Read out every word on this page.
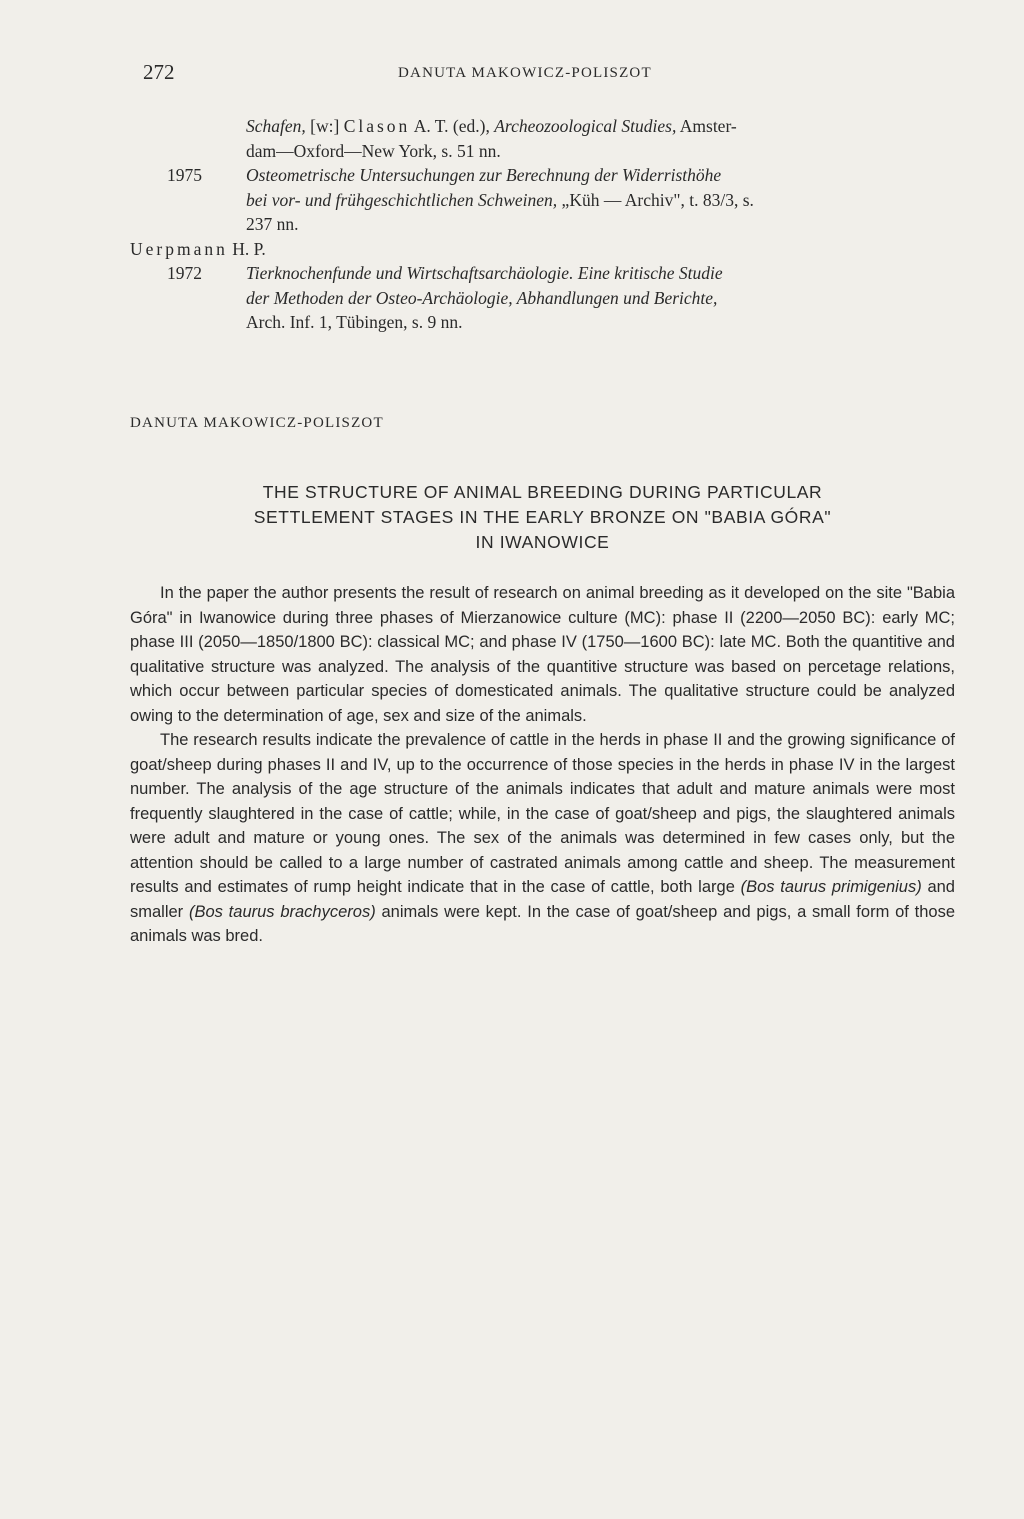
272	DANUTA MAKOWICZ-POLISZOT
Schafen, [w:] Clason A. T. (ed.), Archeozoological Studies, Amster-
dam—Oxford—New York, s. 51 nn.
1975	Osteometrische Untersuchungen zur Berechnung der Widerristhöhe
bei vor- und frühgeschichtlichen Schweinen, „Küh — Archiv", t. 83/3, s.
237 nn.
Uerpmann H. P.
1972	Tierknochenfunde und Wirtschaftsarchäologie. Eine kritische Studie
der Methoden der Osteo-Archäologie, Abhandlungen und Berichte,
Arch. Inf. 1, Tübingen, s. 9 nn.
DANUTA MAKOWICZ-POLISZOT
THE STRUCTURE OF ANIMAL BREEDING DURING PARTICULAR
SETTLEMENT STAGES IN THE EARLY BRONZE ON "BABIA GÓRA"
IN IWANOWICE

In the paper the author presents the result of research on animal breeding as it developed on the site "Babia Góra" in Iwanowice during three phases of Mierzanowice culture (MC): phase II (2200—2050 BC): early MC; phase III (2050—1850/1800 BC): classical MC; and phase IV (1750—1600 BC): late MC. Both the quantitive and qualitative structure was analyzed. The analysis of the quantitive structure was based on percetage relations, which occur between particular species of domesticated animals. The qualitative structure could be analyzed owing to the determination of age, sex and size of the animals.

The research results indicate the prevalence of cattle in the herds in phase II and the growing significance of goat/sheep during phases II and IV, up to the occurrence of those species in the herds in phase IV in the largest number. The analysis of the age structure of the animals indicates that adult and mature animals were most frequently slaughtered in the case of cattle; while, in the case of goat/sheep and pigs, the slaughtered animals were adult and mature or young ones. The sex of the animals was determined in few cases only, but the attention should be called to a large number of castrated animals among cattle and sheep. The measurement results and estimates of rump height indicate that in the case of cattle, both large (Bos taurus primigenius) and smaller (Bos taurus brachyceros) animals were kept. In the case of goat/sheep and pigs, a small form of those animals was bred.
